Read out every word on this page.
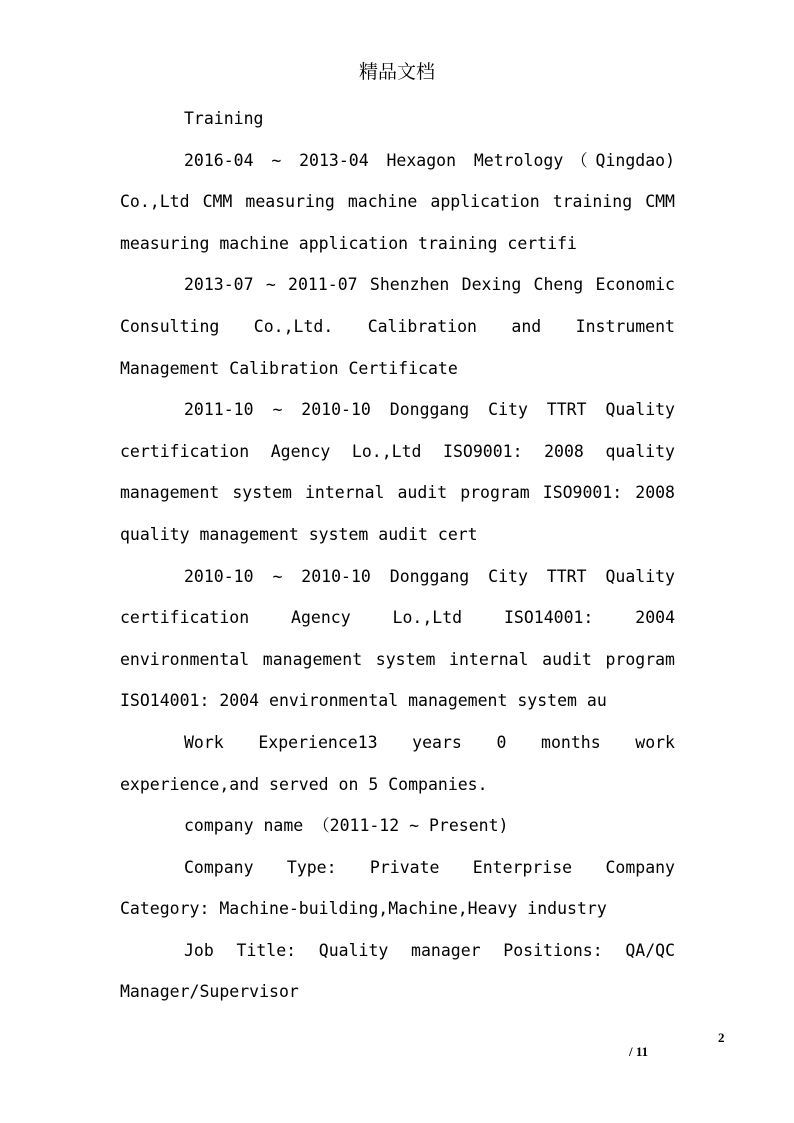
精品文档

Training

2016-04 ~ 2013-04 Hexagon Metrology（Qingdao) Co.,Ltd CMM measuring machine application training CMM measuring machine application training certifi

2013-07 ~ 2011-07 Shenzhen Dexing Cheng Economic Consulting Co.,Ltd. Calibration and Instrument Management Calibration Certificate

2011-10 ~ 2010-10 Donggang City TTRT Quality certification Agency Lo.,Ltd ISO9001: 2008 quality management system internal audit program ISO9001: 2008 quality management system audit cert

2010-10 ~ 2010-10 Donggang City TTRT Quality certification Agency Lo.,Ltd ISO14001: 2004 environmental management system internal audit program ISO14001: 2004 environmental management system au

Work Experience13 years 0 months work experience,and served on 5 Companies.

company name （2011-12 ~ Present)

Company Type: Private Enterprise Company Category: Machine-building,Machine,Heavy industry

Job Title: Quality manager Positions: QA/QC Manager/Supervisor

2
/ 11
